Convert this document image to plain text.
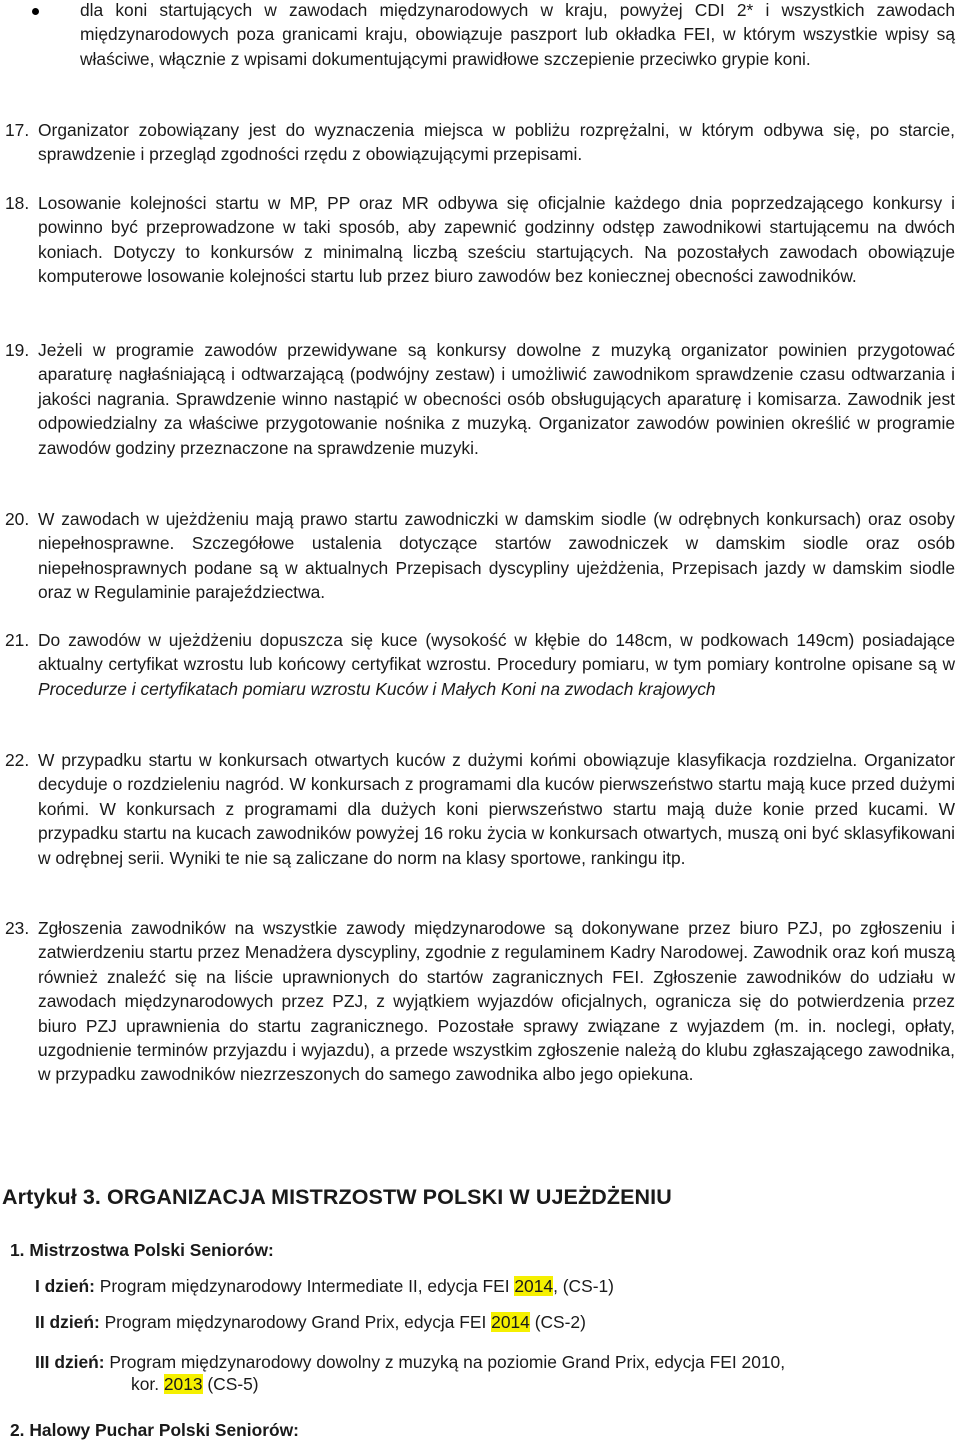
dla koni startujących w zawodach międzynarodowych w kraju, powyżej CDI 2* i wszystkich zawodach międzynarodowych poza granicami kraju, obowiązuje paszport lub okładka FEI, w którym wszystkie wpisy są właściwe, włącznie z wpisami dokumentującymi prawidłowe szczepienie przeciwko grypie koni.
17. Organizator zobowiązany jest do wyznaczenia miejsca w pobliżu rozprężalni, w którym odbywa się, po starcie, sprawdzenie i przegląd zgodności rzędu z obowiązującymi przepisami.
18. Losowanie kolejności startu w MP, PP oraz MR odbywa się oficjalnie każdego dnia poprzedzającego konkursy i powinno być przeprowadzone w taki sposób, aby zapewnić godzinny odstęp zawodnikowi startującemu na dwóch koniach. Dotyczy to konkursów z minimalną liczbą sześciu startujących. Na pozostałych zawodach obowiązuje komputerowe losowanie kolejności startu lub przez biuro zawodów bez koniecznej obecności zawodników.
19. Jeżeli w programie zawodów przewidywane są konkursy dowolne z muzyką organizator powinien przygotować aparaturę nagłaśniającą i odtwarzającą (podwójny zestaw) i umożliwić zawodnikom sprawdzenie czasu odtwarzania i jakości nagrania. Sprawdzenie winno nastąpić w obecności osób obsługujących aparaturę i komisarza. Zawodnik jest odpowiedzialny za właściwe przygotowanie nośnika z muzyką. Organizator zawodów powinien określić w programie zawodów godziny przeznaczone na sprawdzenie muzyki.
20. W zawodach w ujeżdżeniu mają prawo startu zawodniczki w damskim siodle (w odrębnych konkursach) oraz osoby niepełnosprawne. Szczegółowe ustalenia dotyczące startów zawodniczek w damskim siodle oraz osób niepełnosprawnych podane są w aktualnych Przepisach dyscypliny ujeżdżenia, Przepisach jazdy w damskim siodle oraz w Regulaminie parajeździectwa.
21. Do zawodów w ujeżdżeniu dopuszcza się kuce (wysokość w kłębie do 148cm, w podkowach 149cm) posiadające aktualny certyfikat wzrostu lub końcowy certyfikat wzrostu. Procedury pomiaru, w tym pomiary kontrolne opisane są w Procedurze i certyfikatach pomiaru wzrostu Kuców i Małych Koni na zwodach krajowych
22. W przypadku startu w konkursach otwartych kuców z dużymi końmi obowiązuje klasyfikacja rozdzielna. Organizator decyduje o rozdzieleniu nagród. W konkursach z programami dla kuców pierwszeństwo startu mają kuce przed dużymi końmi. W konkursach z programami dla dużych koni pierwszeństwo startu mają duże konie przed kucami. W przypadku startu na kucach zawodników powyżej 16 roku życia w konkursach otwartych, muszą oni być sklasyfikowani w odrębnej serii. Wyniki te nie są zaliczane do norm na klasy sportowe, rankingu itp.
23. Zgłoszenia zawodników na wszystkie zawody międzynarodowe są dokonywane przez biuro PZJ, po zgłoszeniu i zatwierdzeniu startu przez Menadżera dyscypliny, zgodnie z regulaminem Kadry Narodowej. Zawodnik oraz koń muszą również znaleźć się na liście uprawnionych do startów zagranicznych FEI. Zgłoszenie zawodników do udziału w zawodach międzynarodowych przez PZJ, z wyjątkiem wyjazdów oficjalnych, ogranicza się do potwierdzenia przez biuro PZJ uprawnienia do startu zagranicznego. Pozostałe sprawy związane z wyjazdem (m. in. noclegi, opłaty, uzgodnienie terminów przyjazdu i wyjazdu), a przede wszystkim zgłoszenie należą do klubu zgłaszającego zawodnika, w przypadku zawodników niezrzeszonych do samego zawodnika albo jego opiekuna.
Artykuł 3. ORGANIZACJA MISTRZOSTW POLSKI W UJEŻDŻENIU
1. Mistrzostwa Polski Seniorów:
I dzień: Program międzynarodowy Intermediate II, edycja FEI 2014, (CS-1)
II dzień: Program międzynarodowy Grand Prix, edycja FEI 2014 (CS-2)
III dzień: Program międzynarodowy dowolny z muzyką na poziomie Grand Prix, edycja FEI 2010,
kor. 2013 (CS-5)
2. Halowy Puchar Polski Seniorów:
